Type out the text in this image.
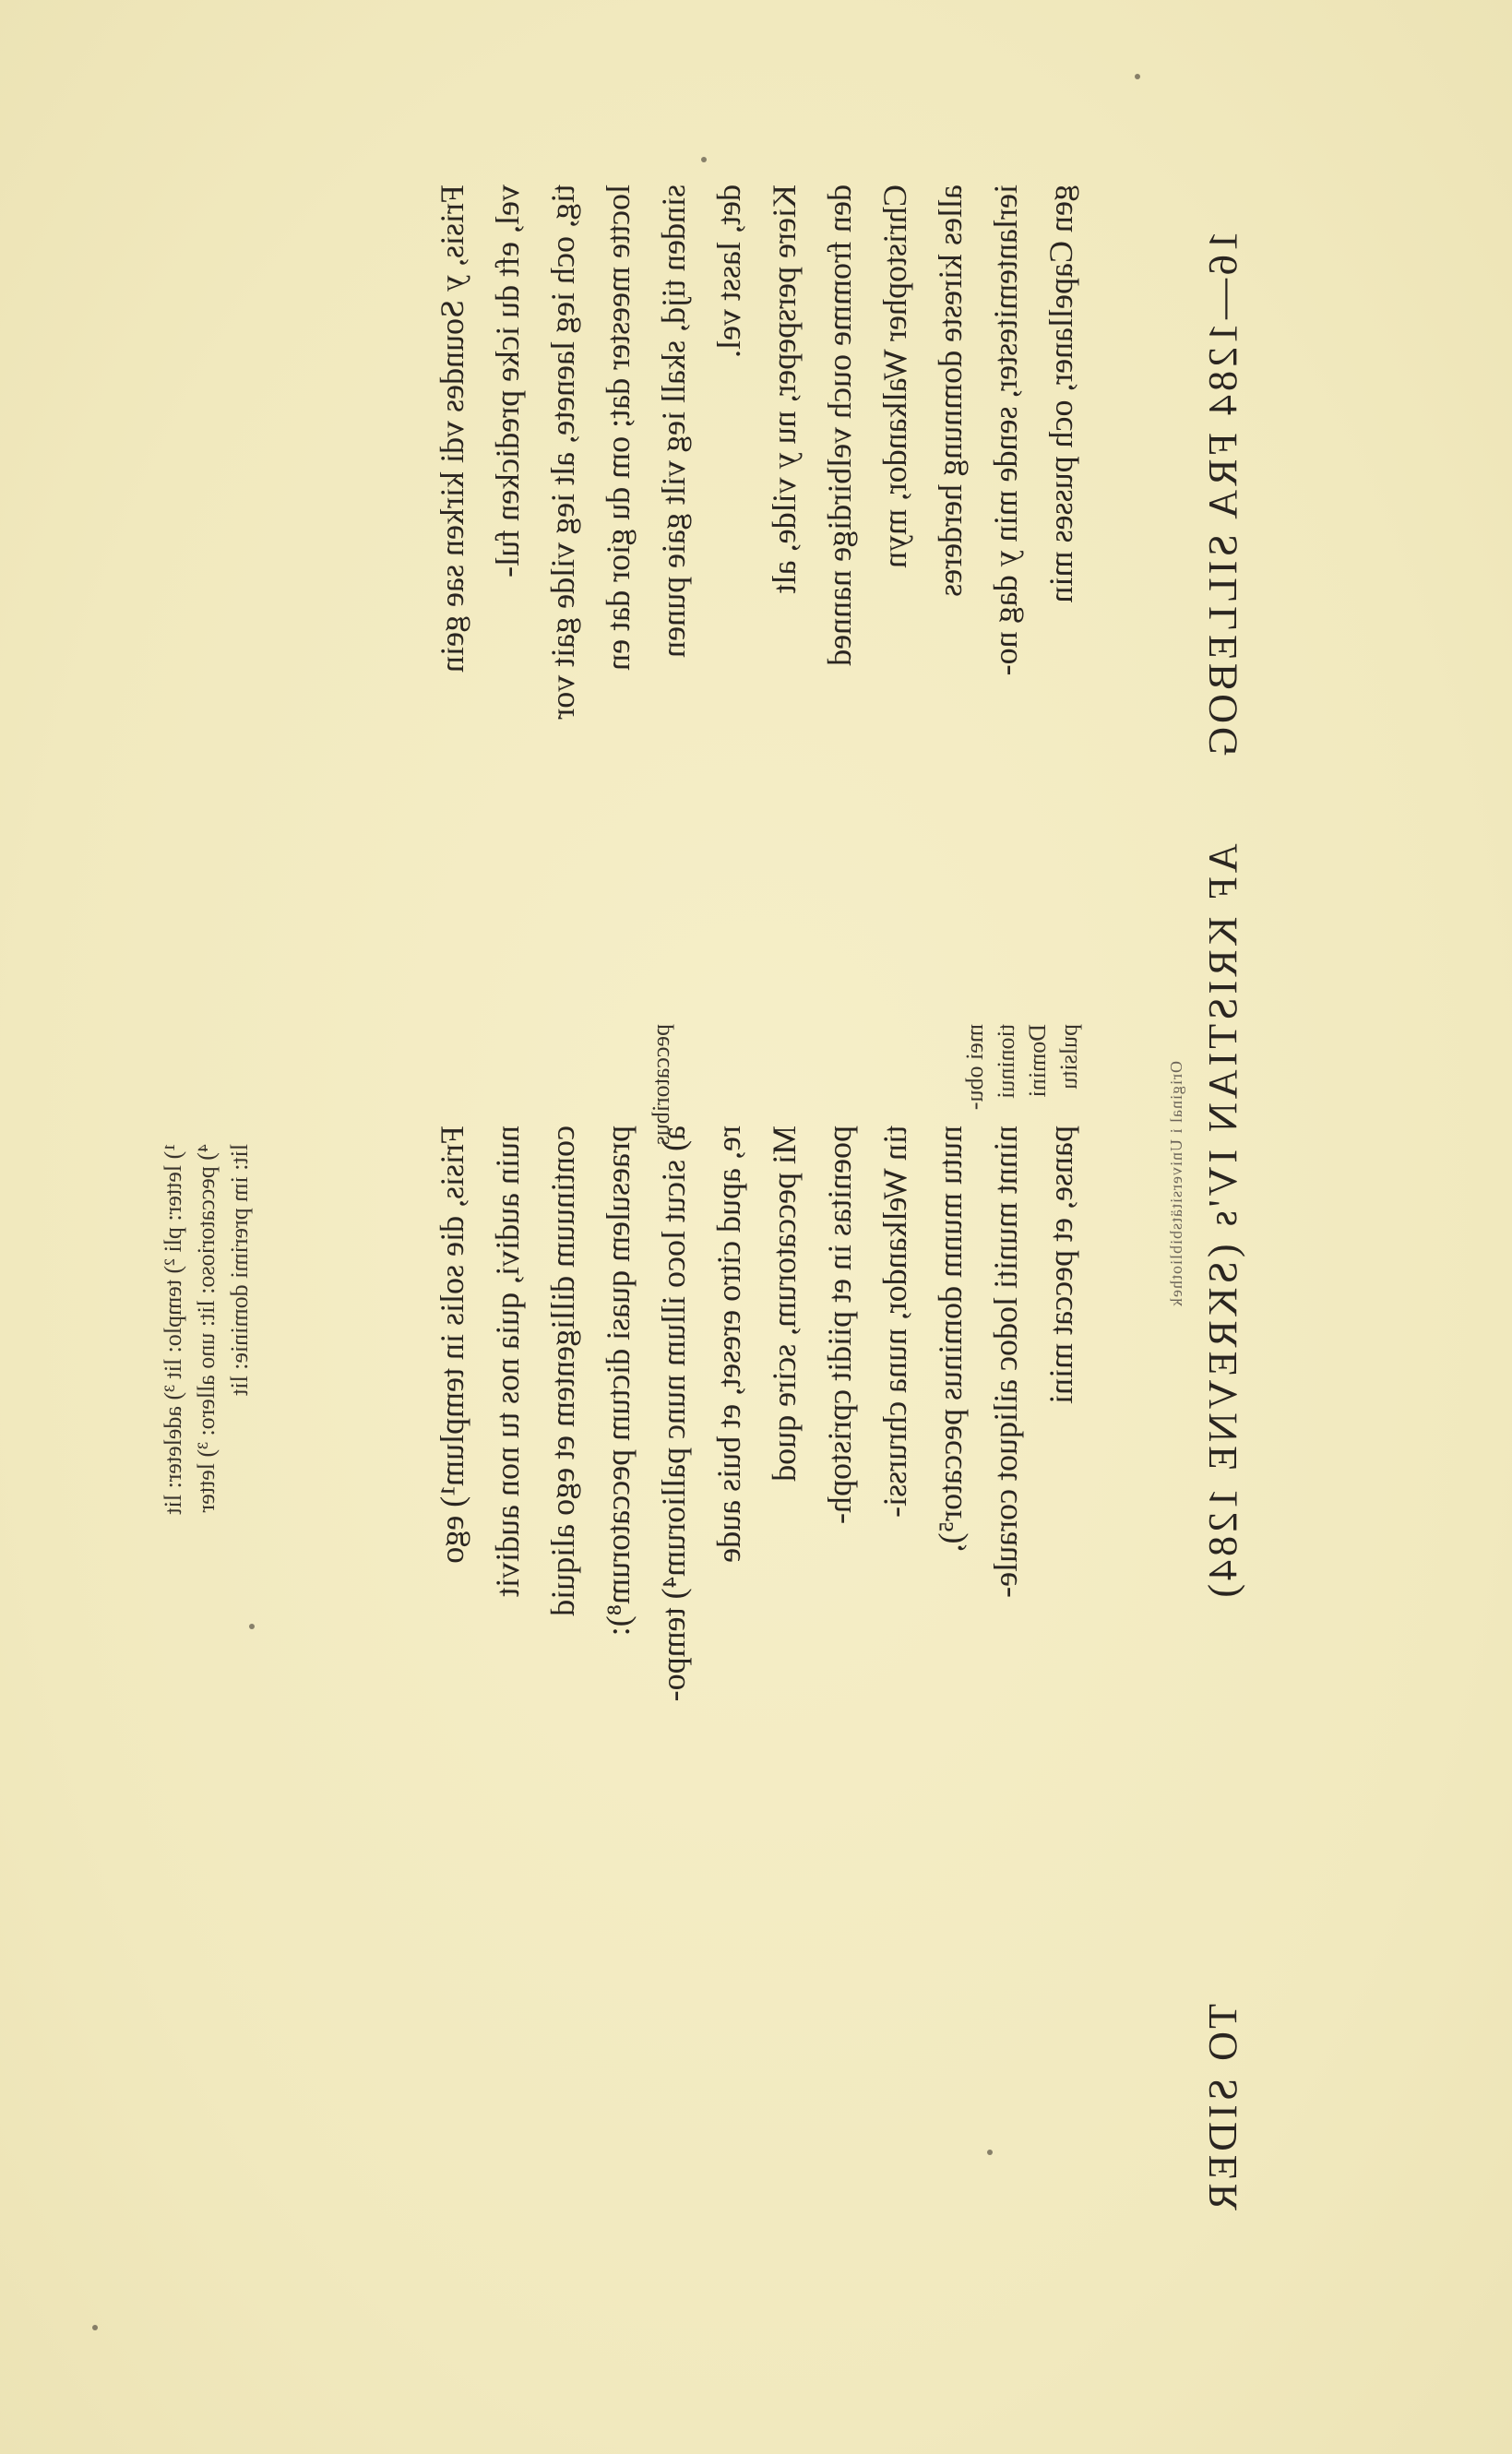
16—1284 FRA SILLEBOG
AF KRISTIAN IV's (SKREVNE 1284)
TO SIDER
Original i Universitätsbibliothek
Frisis, die solis in templum¹) ego nuin audivi, quia nos tu non audivit continuum dilligentem et ego aliquid praesulem quasi dictum peccatorum⁸): a) sicut loco illum nunc palliorum⁴) tempo- re, apud citro ereset, et buis aude Mi peccatorum, scire quod poenitas in et piidit cpristoph- tin Welkandor, nuna chrurssi- nutu munm dominus peccator⁵), ninnt muniti lodoc ailiquot coraule- panse, et peccat mini
peccatoribus	mei obu- tioninui Domini pulsitu
Frisis, y Soundes vdi kirken sae gein vel, eft du icke predicken ful- tig, och ieg laenete, alt ieg vilde gait vor loctte meester dat; om du gior dat en sinden tijd, skall ieg vilt gaie punen det, lasst vel. Kiere perspeper, nu y vilde, alt den fromme ouch velbirdige nanned Christopher Walkandor, myn alles kireste domnung herderes ierlantemitester, sende min y dag no- gen Capellaner, och pusses min
¹) letter: pli ²) templo: lit ³) adeleter: lit ⁴) peccatorioso: lit: uno allero: ³) letter lit: im prerimi dominie: lit
